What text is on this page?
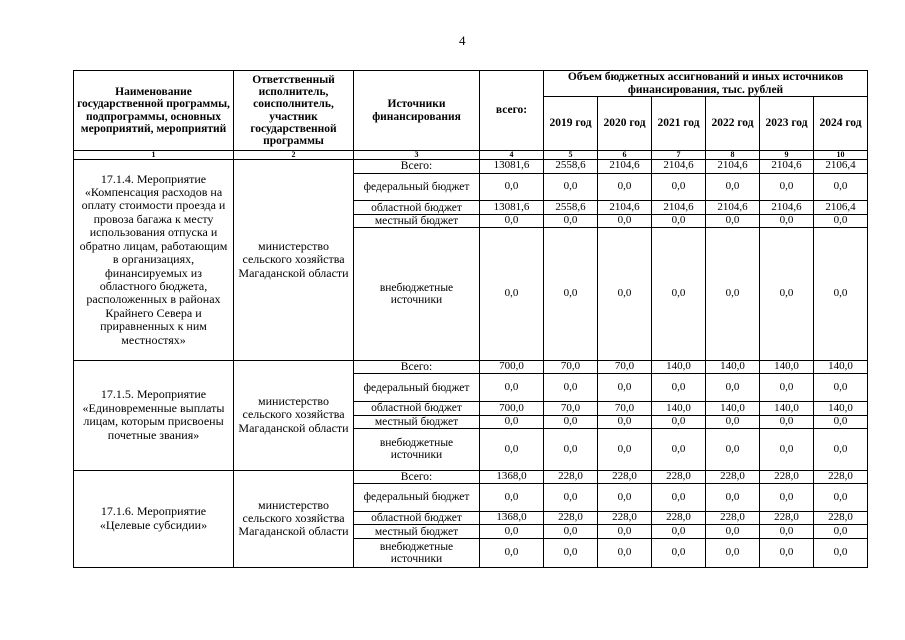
4
Наименование государственной программы, подпрограммы, основных мероприятий, мероприятий	Ответственный исполнитель, соисполнитель, участник государственной программы	Источники финансирования	всего:	Объем бюджетных ассигнований и иных источников финансирования, тыс. рублей					
				2019 год	2020 год	2021 год	2022 год	2023 год	2024 год
1	2	3	4	5	6	7	8	9	10
17.1.4. Мероприятие «Компенсация расходов на оплату стоимости проезда и провоза багажа к месту использования отпуска и обратно лицам, работающим в организациях, финансируемых из областного бюджета, расположенных в районах Крайнего Севера и приравненных к ним местностях»	министерство сельского хозяйства Магаданской области	Всего:	13081,6	2558,6	2104,6	2104,6	2104,6	2104,6	2106,4
		федеральный бюджет	0,0	0,0	0,0	0,0	0,0	0,0	0,0
		областной бюджет	13081,6	2558,6	2104,6	2104,6	2104,6	2104,6	2106,4
		местный бюджет	0,0	0,0	0,0	0,0	0,0	0,0	0,0
		внебюджетные источники	0,0	0,0	0,0	0,0	0,0	0,0	0,0
17.1.5. Мероприятие «Единовременные выплаты лицам, которым присвоены почетные звания»	министерство сельского хозяйства Магаданской области	Всего:	700,0	70,0	70,0	140,0	140,0	140,0	140,0
		федеральный бюджет	0,0	0,0	0,0	0,0	0,0	0,0	0,0
		областной бюджет	700,0	70,0	70,0	140,0	140,0	140,0	140,0
		местный бюджет	0,0	0,0	0,0	0,0	0,0	0,0	0,0
		внебюджетные источники	0,0	0,0	0,0	0,0	0,0	0,0	0,0
17.1.6. Мероприятие «Целевые субсидии»	министерство сельского хозяйства Магаданской области	Всего:	1368,0	228,0	228,0	228,0	228,0	228,0	228,0
		федеральный бюджет	0,0	0,0	0,0	0,0	0,0	0,0	0,0
		областной бюджет	1368,0	228,0	228,0	228,0	228,0	228,0	228,0
		местный бюджет	0,0	0,0	0,0	0,0	0,0	0,0	0,0
		внебюджетные источники	0,0	0,0	0,0	0,0	0,0	0,0	0,0
